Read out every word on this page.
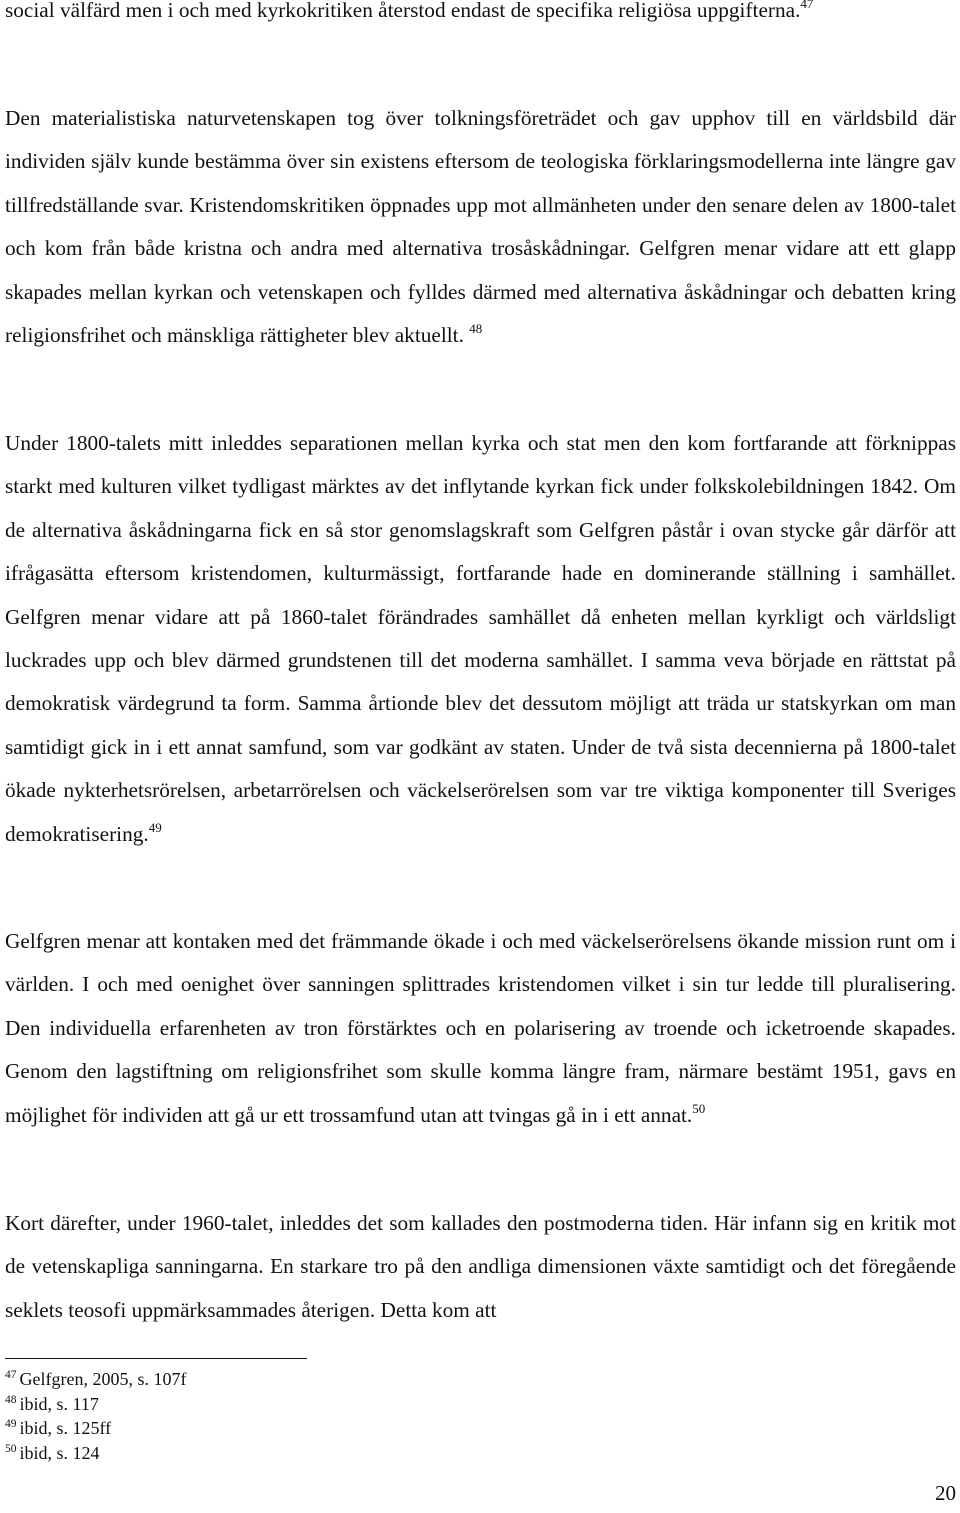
social välfärd men i och med kyrkokritiken återstod endast de specifika religiösa uppgifterna.$^{47}$

Den materialistiska naturvetenskapen tog över tolkningsföreträdet och gav upphov till en världsbild där individen själv kunde bestämma över sin existens eftersom de teologiska förklaringsmodellerna inte längre gav tillfredställande svar. Kristendomskritiken öppnades upp mot allmänheten under den senare delen av 1800-talet och kom från både kristna och andra med alternativa trosåskådningar. Gelfgren menar vidare att ett glapp skapades mellan kyrkan och vetenskapen och fylldes därmed med alternativa åskådningar och debatten kring religionsfrihet och mänskliga rättigheter blev aktuellt. $^{48}$

Under 1800-talets mitt inleddes separationen mellan kyrka och stat men den kom fortfarande att förknippas starkt med kulturen vilket tydligast märktes av det inflytande kyrkan fick under folkskolebildningen 1842. Om de alternativa åskådningarna fick en så stor genomslagskraft som Gelfgren påstår i ovan stycke går därför att ifrågasätta eftersom kristendomen, kulturmässigt, fortfarande hade en dominerande ställning i samhället. Gelfgren menar vidare att på 1860-talet förändrades samhället då enheten mellan kyrkligt och världsligt luckrades upp och blev därmed grundstenen till det moderna samhället. I samma veva började en rättstat på demokratisk värdegrund ta form. Samma årtionde blev det dessutom möjligt att träda ur statskyrkan om man samtidigt gick in i ett annat samfund, som var godkänt av staten. Under de två sista decennierna på 1800-talet ökade nykterhetsrörelsen, arbetarrörelsen och väckelserörelsen som var tre viktiga komponenter till Sveriges demokratisering.$^{49}$

Gelfgren menar att kontaken med det främmande ökade i och med väckelserörelsens ökande mission runt om i världen. I och med oenighet över sanningen splittrades kristendomen vilket i sin tur ledde till pluralisering. Den individuella erfarenheten av tron förstärktes och en polarisering av troende och icketroende skapades. Genom den lagstiftning om religionsfrihet som skulle komma längre fram, närmare bestämt 1951, gavs en möjlighet för individen att gå ur ett trossamfund utan att tvingas gå in i ett annat.$^{50}$

Kort därefter, under 1960-talet, inleddes det som kallades den postmoderna tiden. Här infann sig en kritik mot de vetenskapliga sanningarna. En starkare tro på den andliga dimensionen växte samtidigt och det föregående seklets teosofi uppmärksammades återigen. Detta kom att

$^{47}$ Gelfgren, 2005, s. 107f
$^{48}$ ibid, s. 117
$^{49}$ ibid, s. 125ff
$^{50}$ ibid, s. 124
20
